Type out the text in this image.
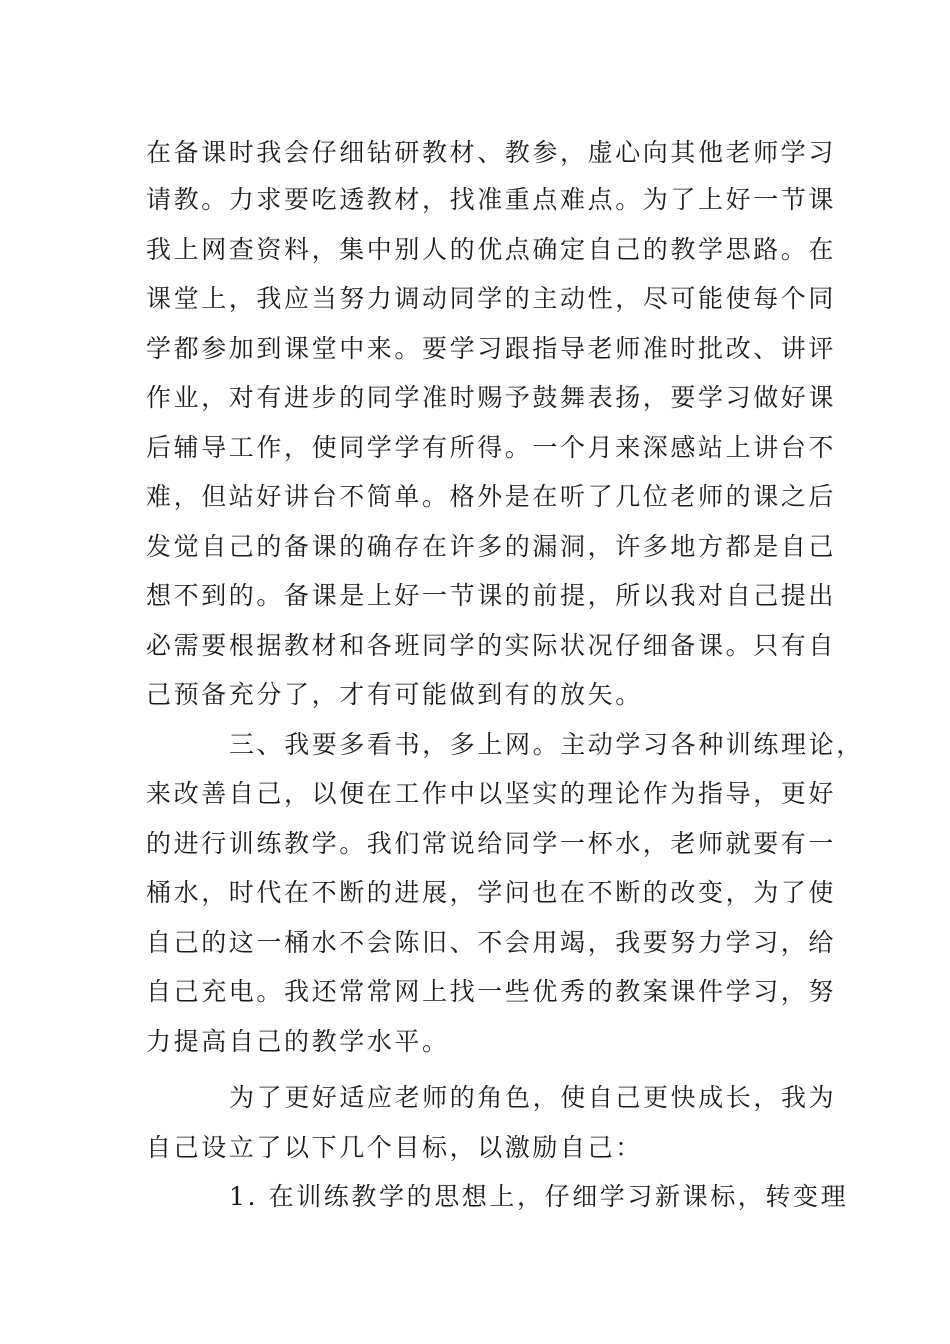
在备课时我会仔细钻研教材、教参，虚心向其他老师学习
请教。力求要吃透教材，找准重点难点。为了上好一节课
我上网查资料，集中别人的优点确定自己的教学思路。在
课堂上，我应当努力调动同学的主动性，尽可能使每个同
学都参加到课堂中来。要学习跟指导老师准时批改、讲评
作业，对有进步的同学准时赐予鼓舞表扬，要学习做好课
后辅导工作，使同学学有所得。一个月来深感站上讲台不
难，但站好讲台不简单。格外是在听了几位老师的课之后
发觉自己的备课的确存在许多的漏洞，许多地方都是自己
想不到的。备课是上好一节课的前提，所以我对自己提出
必需要根据教材和各班同学的实际状况仔细备课。只有自
己预备充分了，才有可能做到有的放矢。
三、我要多看书，多上网。主动学习各种训练理论，
来改善自己，以便在工作中以坚实的理论作为指导，更好
的进行训练教学。我们常说给同学一杯水，老师就要有一
桶水，时代在不断的进展，学问也在不断的改变，为了使
自己的这一桶水不会陈旧、不会用竭，我要努力学习，给
自己充电。我还常常网上找一些优秀的教案课件学习，努
力提高自己的教学水平。
为了更好适应老师的角色，使自己更快成长，我为
自己设立了以下几个目标，以激励自己：
1. 在训练教学的思想上，仔细学习新课标，转变理
